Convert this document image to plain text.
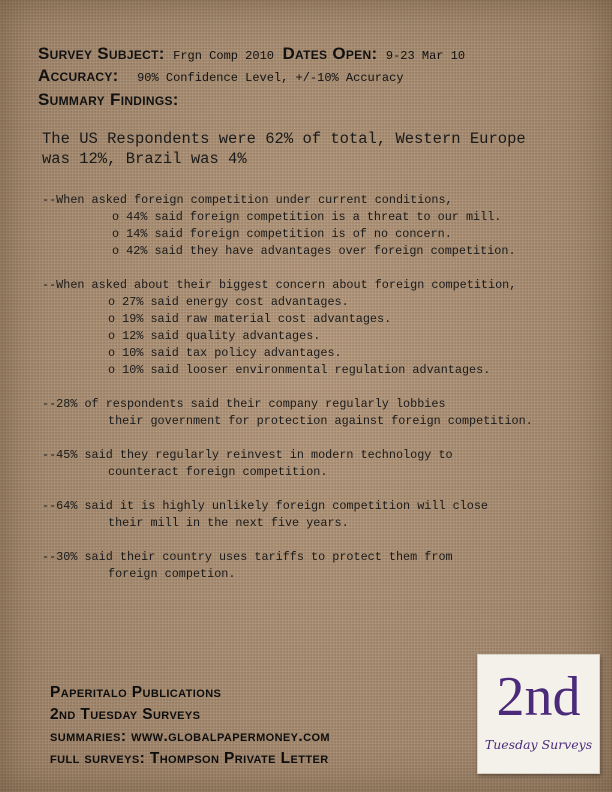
Survey Subject: Frgn Comp 2010 Dates Open: 9-23 Mar 10
Accuracy: 90% Confidence Level, +/-10% Accuracy
Summary Findings:
The US Respondents were 62% of total, Western Europe
was 12%, Brazil was 4%
--When asked foreign competition under current conditions,
o 44% said foreign competition is a threat to our mill.
o 14% said foreign competition is of no concern.
o 42% said they have advantages over foreign competition.
--When asked about their biggest concern about foreign competition,
o 27% said energy cost advantages.
o 19% said raw material cost advantages.
o 12% said quality advantages.
o 10% said tax policy advantages.
o 10% said looser environmental regulation advantages.
--28% of respondents said their company regularly lobbies
their government for protection against foreign competition.
--45% said they regularly reinvest in modern technology to
counteract foreign competition.
--64% said it is highly unlikely foreign competition will close
their mill in the next five years.
--30% said their country uses tariffs to protect them from
foreign competion.
Paperitalo Publications
2nd Tuesday Surveys
summaries: www.globalpapermoney.com
full surveys: Thompson Private Letter
2nd
Tuesday Surveys
